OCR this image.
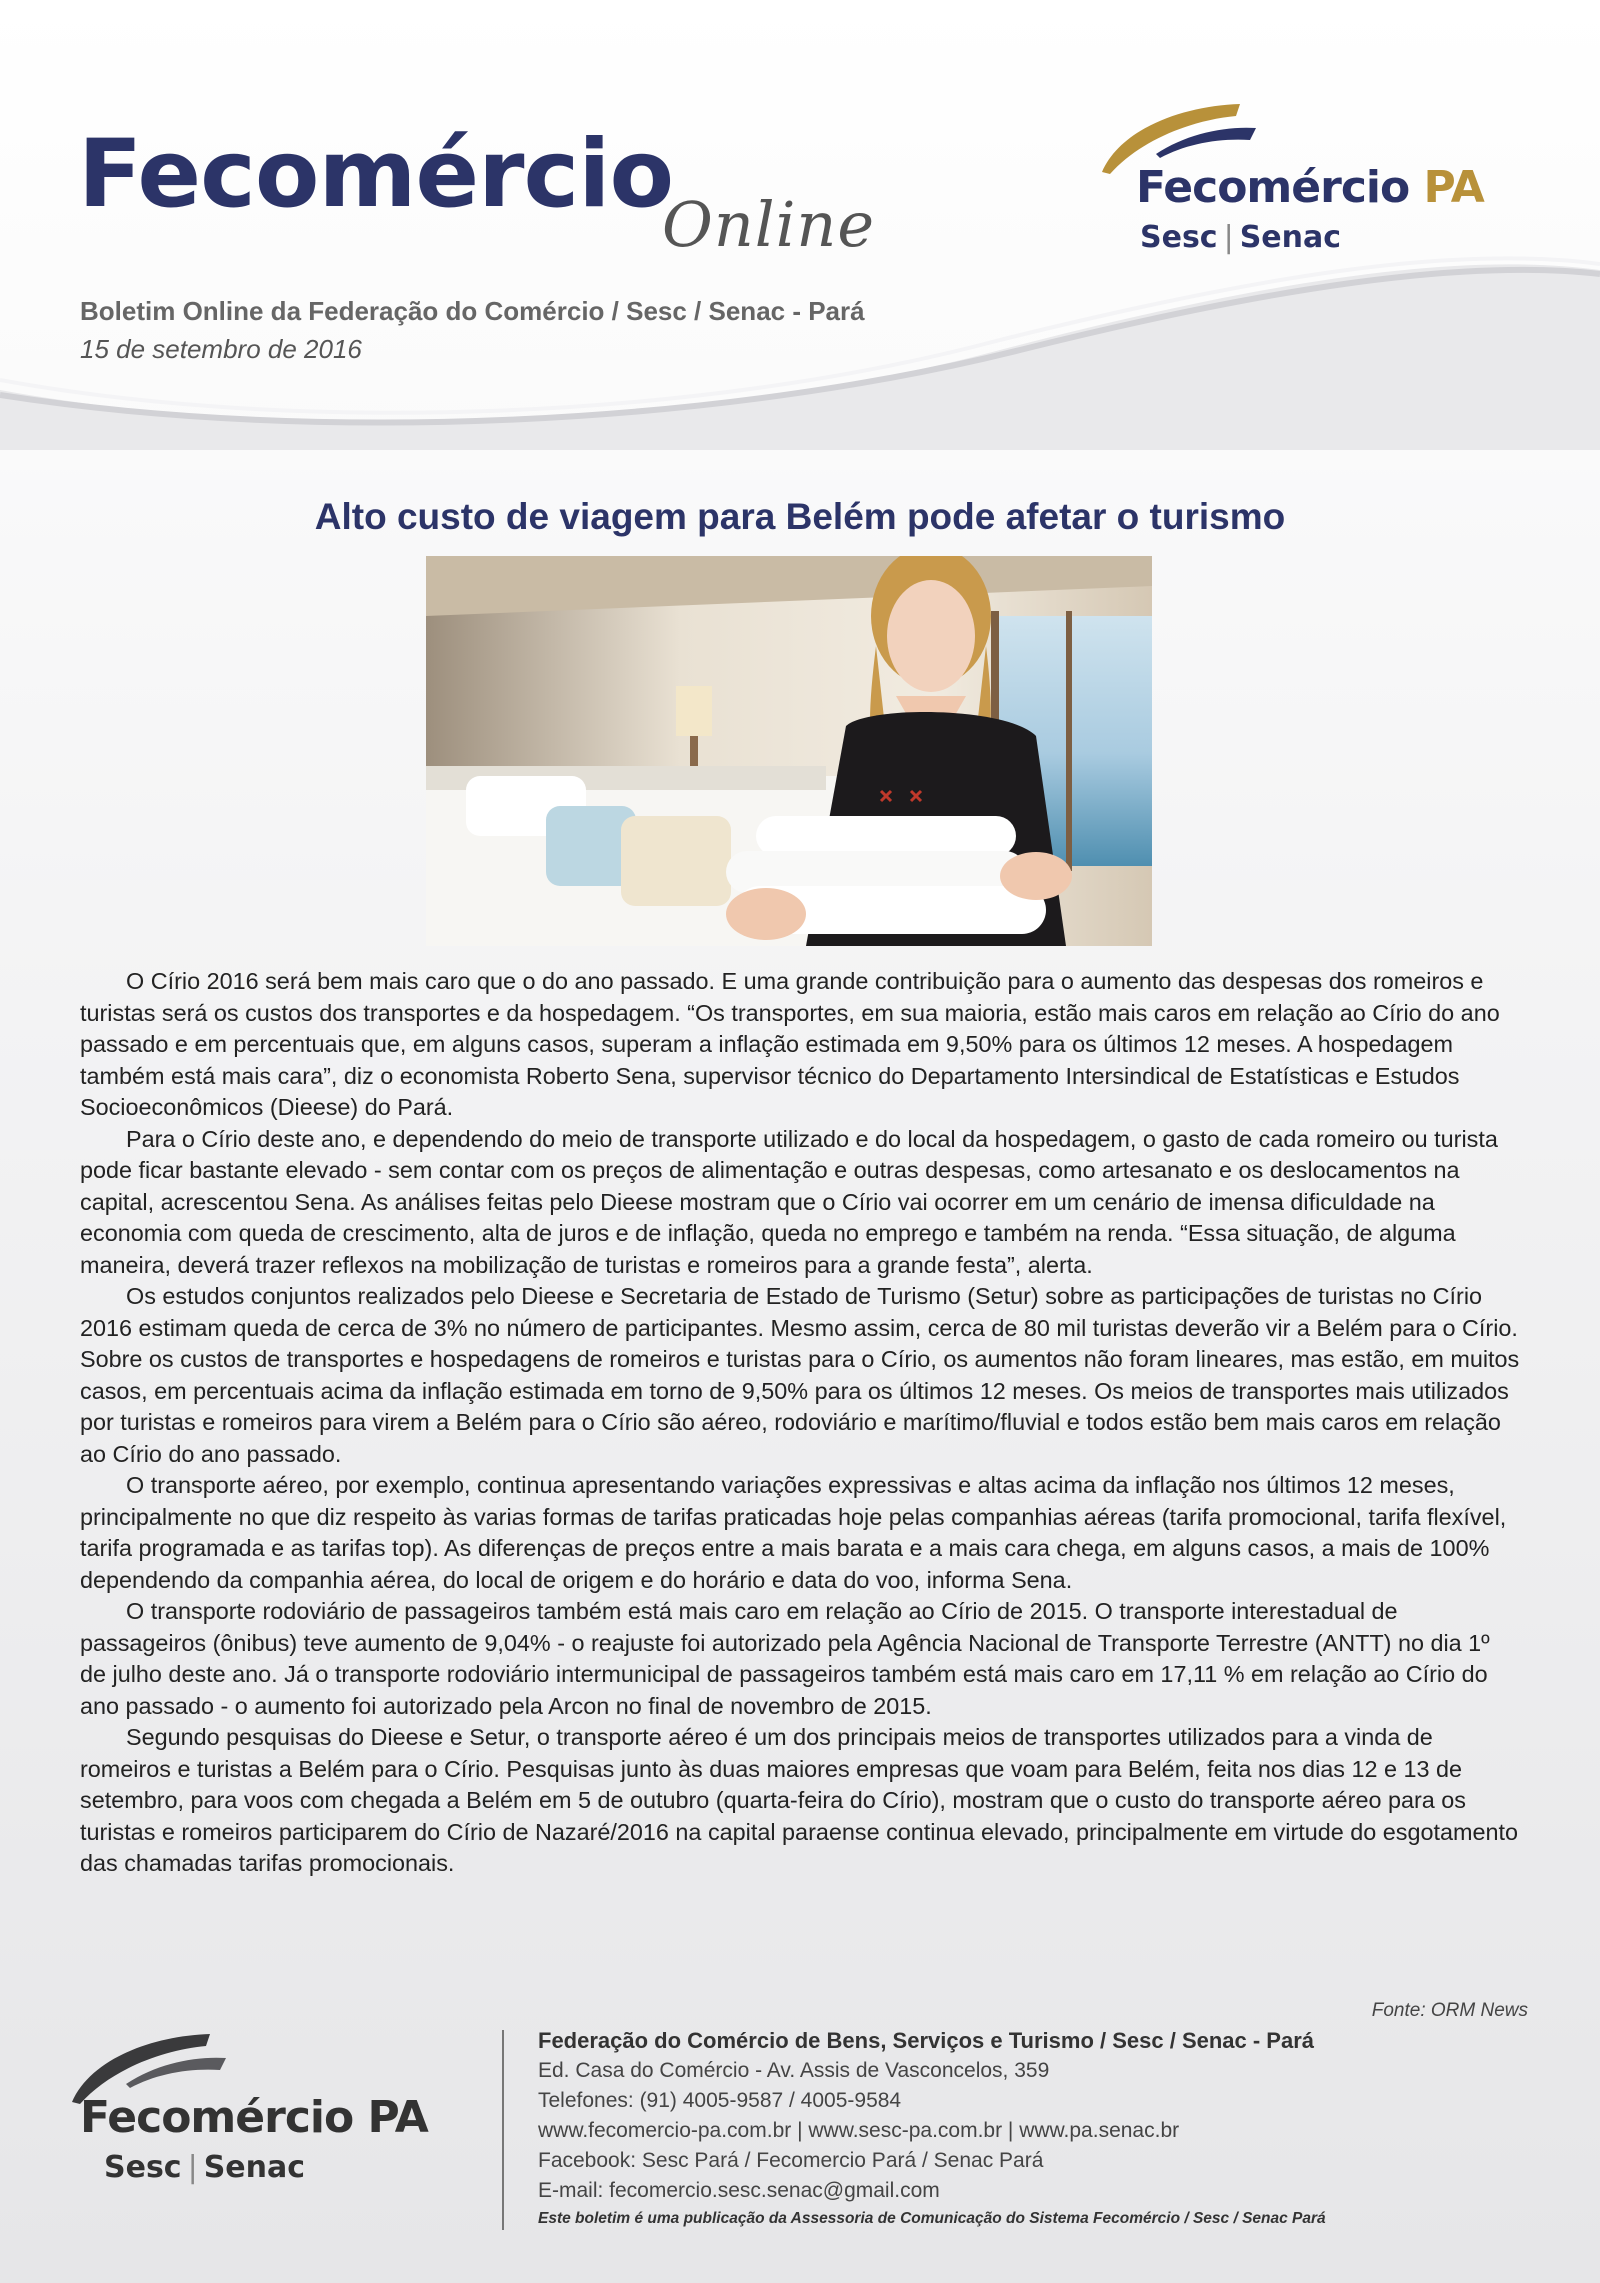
Fecomércio
Online
Boletim Online da Federação do Comércio / Sesc / Senac - Pará
15 de setembro de 2016
Fecomércio PA
Sesc | Senac
Alto custo de viagem para Belém pode afetar o turismo

O Círio 2016 será bem mais caro que o do ano passado. E uma grande contribuição para o aumento das despesas dos romeiros e turistas será os custos dos transportes e da hospedagem. “Os transportes, em sua maioria, estão mais caros em relação ao Círio do ano passado e em percentuais que, em alguns casos, superam a inflação estimada em 9,50% para os últimos 12 meses. A hospedagem também está mais cara”, diz o economista Roberto Sena, supervisor técnico do Departamento Intersindical de Estatísticas e Estudos Socioeconômicos (Dieese) do Pará.

Para o Círio deste ano, e dependendo do meio de transporte utilizado e do local da hospedagem, o gasto de cada romeiro ou turista pode ficar bastante elevado - sem contar com os preços de alimentação e outras despesas, como artesanato e os deslocamentos na capital, acrescentou Sena. As análises feitas pelo Dieese mostram que o Círio vai ocorrer em um cenário de imensa dificuldade na economia com queda de crescimento, alta de juros e de inflação, queda no emprego e também na renda. “Essa situação, de alguma maneira, deverá trazer reflexos na mobilização de turistas e romeiros para a grande festa”, alerta.

Os estudos conjuntos realizados pelo Dieese e Secretaria de Estado de Turismo (Setur) sobre as participações de turistas no Círio 2016 estimam queda de cerca de 3% no número de participantes. Mesmo assim, cerca de 80 mil turistas deverão vir a Belém para o Círio. Sobre os custos de transportes e hospedagens de romeiros e turistas para o Círio, os aumentos não foram lineares, mas estão, em muitos casos, em percentuais acima da inflação estimada em torno de 9,50% para os últimos 12 meses. Os meios de transportes mais utilizados por turistas e romeiros para virem a Belém para o Círio são aéreo, rodoviário e marítimo/fluvial e todos estão bem mais caros em relação ao Círio do ano passado.

O transporte aéreo, por exemplo, continua apresentando variações expressivas e altas acima da inflação nos últimos 12 meses, principalmente no que diz respeito às varias formas de tarifas praticadas hoje pelas companhias aéreas (tarifa promocional, tarifa flexível, tarifa programada e as tarifas top). As diferenças de preços entre a mais barata e a mais cara chega, em alguns casos, a mais de 100% dependendo da companhia aérea, do local de origem e do horário e data do voo, informa Sena.

O transporte rodoviário de passageiros também está mais caro em relação ao Círio de 2015. O transporte interestadual de passageiros (ônibus) teve aumento de 9,04% - o reajuste foi autorizado pela Agência Nacional de Transporte Terrestre (ANTT) no dia 1º de julho deste ano. Já o transporte rodoviário intermunicipal de passageiros também está mais caro em 17,11 % em relação ao Círio do ano passado - o aumento foi autorizado pela Arcon no final de novembro de 2015.

Segundo pesquisas do Dieese e Setur, o transporte aéreo é um dos principais meios de transportes utilizados para a vinda de romeiros e turistas a Belém para o Círio. Pesquisas junto às duas maiores empresas que voam para Belém, feita nos dias 12 e 13 de setembro, para voos com chegada a Belém em 5 de outubro (quarta-feira do Círio), mostram que o custo do transporte aéreo para os turistas e romeiros participarem do Círio de Nazaré/2016 na capital paraense continua elevado, principalmente em virtude do esgotamento das chamadas tarifas promocionais.

Fonte: ORM News
Fecomércio PA
Sesc | Senac
Federação do Comércio de Bens, Serviços e Turismo / Sesc / Senac - Pará
Ed. Casa do Comércio - Av. Assis de Vasconcelos, 359
Telefones: (91) 4005-9587 / 4005-9584
www.fecomercio-pa.com.br | www.sesc-pa.com.br | www.pa.senac.br
Facebook: Sesc Pará / Fecomercio Pará / Senac Pará
E-mail: fecomercio.sesc.senac@gmail.com
Este boletim é uma publicação da Assessoria de Comunicação do Sistema Fecomércio / Sesc / Senac Pará
